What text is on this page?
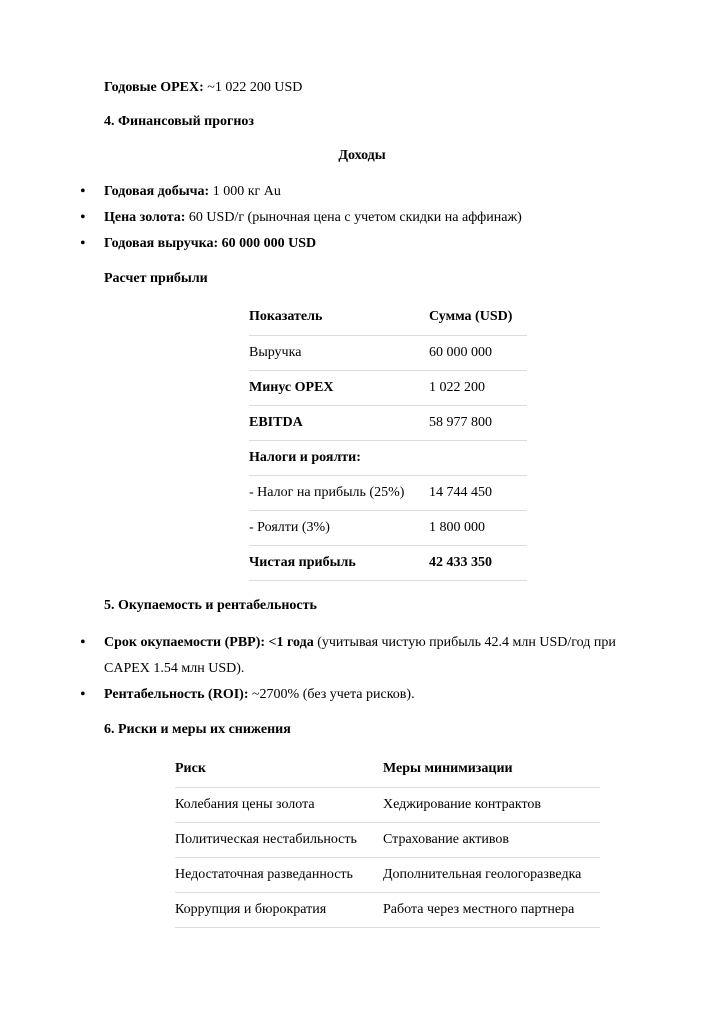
Годовые OPEX: ~1 022 200 USD
4. Финансовый прогноз
Доходы
• Годовая добыча: 1 000 кг Au
• Цена золота: 60 USD/г (рыночная цена с учетом скидки на аффинаж)
• Годовая выручка: 60 000 000 USD
Расчет прибыли
Показатель	Сумма (USD)
Выручка	60 000 000
Минус OPEX	1 022 200
EBITDA	58 977 800
Налоги и роялти:	
- Налог на прибыль (25%)	14 744 450
- Роялти (3%)	1 800 000
Чистая прибыль	42 433 350
5. Окупаемость и рентабельность
• Срок окупаемости (PBP): <1 года (учитывая чистую прибыль 42.4 млн USD/год при
CAPEX 1.54 млн USD).
• Рентабельность (ROI): ~2700% (без учета рисков).
6. Риски и меры их снижения
Риск	Меры минимизации
Колебания цены золота	Хеджирование контрактов
Политическая нестабильность	Страхование активов
Недостаточная разведанность	Дополнительная геологоразведка
Коррупция и бюрократия	Работа через местного партнера
